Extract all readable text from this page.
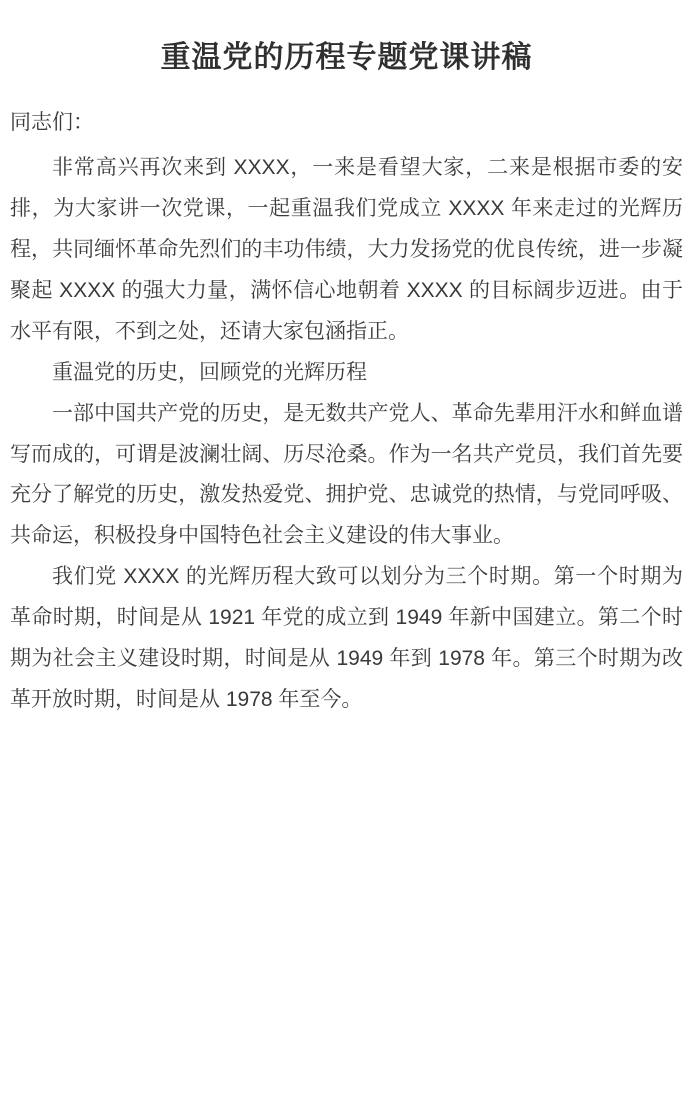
重温党的历程专题党课讲稿

同志们：

非常高兴再次来到 XXXX，一来是看望大家，二来是根据市委的安排，为大家讲一次党课，一起重温我们党成立 XXXX 年来走过的光辉历程，共同缅怀革命先烈们的丰功伟绩，大力发扬党的优良传统，进一步凝聚起 XXXX 的强大力量，满怀信心地朝着 XXXX 的目标阔步迈进。由于水平有限，不到之处，还请大家包涵指正。

重温党的历史，回顾党的光辉历程

一部中国共产党的历史，是无数共产党人、革命先辈用汗水和鲜血谱写而成的，可谓是波澜壮阔、历尽沧桑。作为一名共产党员，我们首先要充分了解党的历史，激发热爱党、拥护党、忠诚党的热情，与党同呼吸、共命运，积极投身中国特色社会主义建设的伟大事业。

我们党 XXXX 的光辉历程大致可以划分为三个时期。第一个时期为革命时期，时间是从 1921 年党的成立到 1949 年新中国建立。第二个时期为社会主义建设时期，时间是从 1949 年到 1978 年。第三个时期为改革开放时期，时间是从 1978 年至今。
